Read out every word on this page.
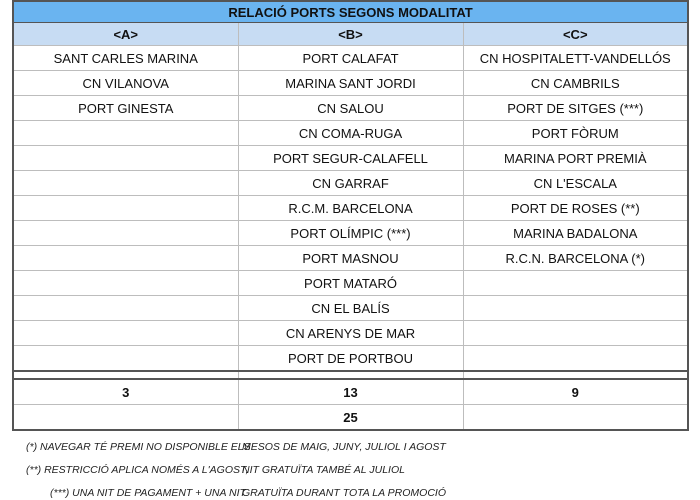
RELACIÓ PORTS SEGONS MODALITAT		
<A>	<B>	<C>
SANT CARLES MARINA	PORT CALAFAT	CN HOSPITALETT-VANDELLÓS
CN VILANOVA	MARINA SANT JORDI	CN CAMBRILS
PORT GINESTA	CN SALOU	PORT DE SITGES (***)
	CN COMA-RUGA	PORT FÒRUM
	PORT SEGUR-CALAFELL	MARINA PORT PREMIÀ
	CN GARRAF	CN L'ESCALA
	R.C.M. BARCELONA	PORT DE ROSES (**)
	PORT OLÍMPIC (***)	MARINA BADALONA
	PORT MASNOU	R.C.N. BARCELONA (*)
	PORT MATARÓ	
	CN EL BALÍS	
	CN ARENYS DE MAR	
	PORT DE PORTBOU	

3	13	9
	25	
(*) NAVEGAR TÉ PREMI NO DISPONIBLE ELS
MESOS DE MAIG, JUNY, JULIOL I AGOST
(**) RESTRICCIÓ APLICA NOMÉS A L'AGOST,
NIT GRATUÏTA TAMBÉ AL JULIOL
(***) UNA NIT DE PAGAMENT + UNA NIT
GRATUÏTA DURANT TOTA LA PROMOCIÓ
